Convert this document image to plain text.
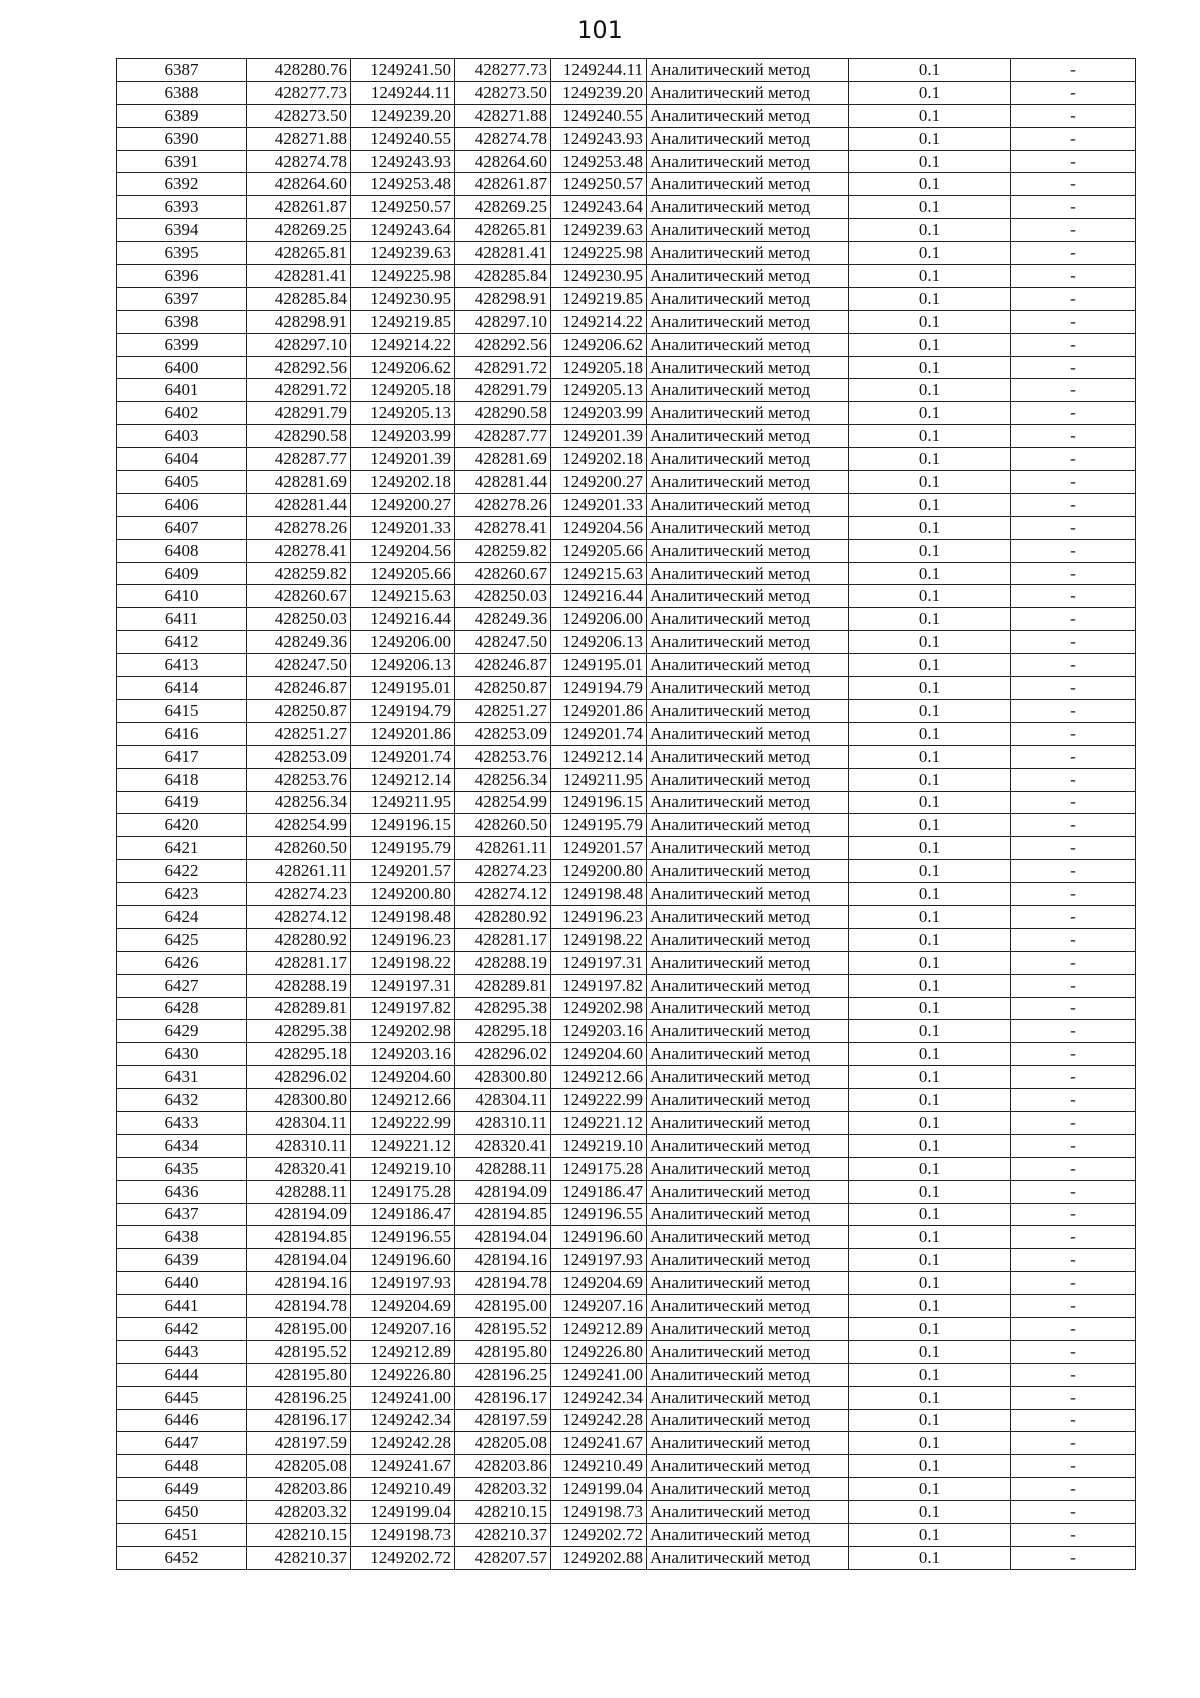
101
6387	428280.76	1249241.50	428277.73	1249244.11	Аналитический метод	0.1	-
6388	428277.73	1249244.11	428273.50	1249239.20	Аналитический метод	0.1	-
6389	428273.50	1249239.20	428271.88	1249240.55	Аналитический метод	0.1	-
6390	428271.88	1249240.55	428274.78	1249243.93	Аналитический метод	0.1	-
6391	428274.78	1249243.93	428264.60	1249253.48	Аналитический метод	0.1	-
6392	428264.60	1249253.48	428261.87	1249250.57	Аналитический метод	0.1	-
6393	428261.87	1249250.57	428269.25	1249243.64	Аналитический метод	0.1	-
6394	428269.25	1249243.64	428265.81	1249239.63	Аналитический метод	0.1	-
6395	428265.81	1249239.63	428281.41	1249225.98	Аналитический метод	0.1	-
6396	428281.41	1249225.98	428285.84	1249230.95	Аналитический метод	0.1	-
6397	428285.84	1249230.95	428298.91	1249219.85	Аналитический метод	0.1	-
6398	428298.91	1249219.85	428297.10	1249214.22	Аналитический метод	0.1	-
6399	428297.10	1249214.22	428292.56	1249206.62	Аналитический метод	0.1	-
6400	428292.56	1249206.62	428291.72	1249205.18	Аналитический метод	0.1	-
6401	428291.72	1249205.18	428291.79	1249205.13	Аналитический метод	0.1	-
6402	428291.79	1249205.13	428290.58	1249203.99	Аналитический метод	0.1	-
6403	428290.58	1249203.99	428287.77	1249201.39	Аналитический метод	0.1	-
6404	428287.77	1249201.39	428281.69	1249202.18	Аналитический метод	0.1	-
6405	428281.69	1249202.18	428281.44	1249200.27	Аналитический метод	0.1	-
6406	428281.44	1249200.27	428278.26	1249201.33	Аналитический метод	0.1	-
6407	428278.26	1249201.33	428278.41	1249204.56	Аналитический метод	0.1	-
6408	428278.41	1249204.56	428259.82	1249205.66	Аналитический метод	0.1	-
6409	428259.82	1249205.66	428260.67	1249215.63	Аналитический метод	0.1	-
6410	428260.67	1249215.63	428250.03	1249216.44	Аналитический метод	0.1	-
6411	428250.03	1249216.44	428249.36	1249206.00	Аналитический метод	0.1	-
6412	428249.36	1249206.00	428247.50	1249206.13	Аналитический метод	0.1	-
6413	428247.50	1249206.13	428246.87	1249195.01	Аналитический метод	0.1	-
6414	428246.87	1249195.01	428250.87	1249194.79	Аналитический метод	0.1	-
6415	428250.87	1249194.79	428251.27	1249201.86	Аналитический метод	0.1	-
6416	428251.27	1249201.86	428253.09	1249201.74	Аналитический метод	0.1	-
6417	428253.09	1249201.74	428253.76	1249212.14	Аналитический метод	0.1	-
6418	428253.76	1249212.14	428256.34	1249211.95	Аналитический метод	0.1	-
6419	428256.34	1249211.95	428254.99	1249196.15	Аналитический метод	0.1	-
6420	428254.99	1249196.15	428260.50	1249195.79	Аналитический метод	0.1	-
6421	428260.50	1249195.79	428261.11	1249201.57	Аналитический метод	0.1	-
6422	428261.11	1249201.57	428274.23	1249200.80	Аналитический метод	0.1	-
6423	428274.23	1249200.80	428274.12	1249198.48	Аналитический метод	0.1	-
6424	428274.12	1249198.48	428280.92	1249196.23	Аналитический метод	0.1	-
6425	428280.92	1249196.23	428281.17	1249198.22	Аналитический метод	0.1	-
6426	428281.17	1249198.22	428288.19	1249197.31	Аналитический метод	0.1	-
6427	428288.19	1249197.31	428289.81	1249197.82	Аналитический метод	0.1	-
6428	428289.81	1249197.82	428295.38	1249202.98	Аналитический метод	0.1	-
6429	428295.38	1249202.98	428295.18	1249203.16	Аналитический метод	0.1	-
6430	428295.18	1249203.16	428296.02	1249204.60	Аналитический метод	0.1	-
6431	428296.02	1249204.60	428300.80	1249212.66	Аналитический метод	0.1	-
6432	428300.80	1249212.66	428304.11	1249222.99	Аналитический метод	0.1	-
6433	428304.11	1249222.99	428310.11	1249221.12	Аналитический метод	0.1	-
6434	428310.11	1249221.12	428320.41	1249219.10	Аналитический метод	0.1	-
6435	428320.41	1249219.10	428288.11	1249175.28	Аналитический метод	0.1	-
6436	428288.11	1249175.28	428194.09	1249186.47	Аналитический метод	0.1	-
6437	428194.09	1249186.47	428194.85	1249196.55	Аналитический метод	0.1	-
6438	428194.85	1249196.55	428194.04	1249196.60	Аналитический метод	0.1	-
6439	428194.04	1249196.60	428194.16	1249197.93	Аналитический метод	0.1	-
6440	428194.16	1249197.93	428194.78	1249204.69	Аналитический метод	0.1	-
6441	428194.78	1249204.69	428195.00	1249207.16	Аналитический метод	0.1	-
6442	428195.00	1249207.16	428195.52	1249212.89	Аналитический метод	0.1	-
6443	428195.52	1249212.89	428195.80	1249226.80	Аналитический метод	0.1	-
6444	428195.80	1249226.80	428196.25	1249241.00	Аналитический метод	0.1	-
6445	428196.25	1249241.00	428196.17	1249242.34	Аналитический метод	0.1	-
6446	428196.17	1249242.34	428197.59	1249242.28	Аналитический метод	0.1	-
6447	428197.59	1249242.28	428205.08	1249241.67	Аналитический метод	0.1	-
6448	428205.08	1249241.67	428203.86	1249210.49	Аналитический метод	0.1	-
6449	428203.86	1249210.49	428203.32	1249199.04	Аналитический метод	0.1	-
6450	428203.32	1249199.04	428210.15	1249198.73	Аналитический метод	0.1	-
6451	428210.15	1249198.73	428210.37	1249202.72	Аналитический метод	0.1	-
6452	428210.37	1249202.72	428207.57	1249202.88	Аналитический метод	0.1	-
